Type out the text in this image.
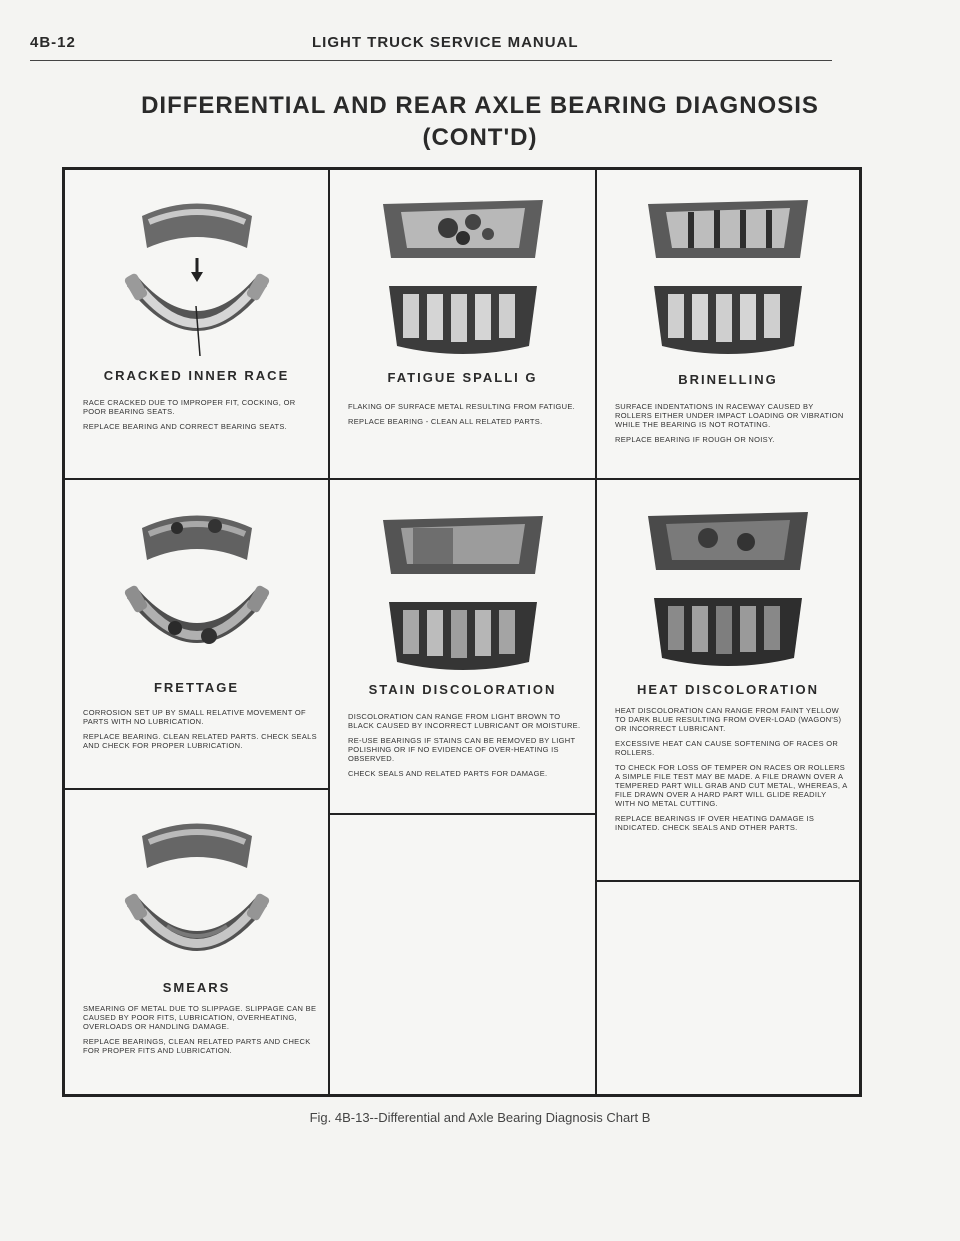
4B-12	LIGHT TRUCK SERVICE MANUAL
DIFFERENTIAL AND REAR AXLE BEARING DIAGNOSIS
(CONT'D)
CRACKED INNER RACE

RACE CRACKED DUE TO IMPROPER FIT, COCKING, OR POOR BEARING SEATS.

REPLACE BEARING AND CORRECT BEARING SEATS.

FATIGUE SPALLI G

FLAKING OF SURFACE METAL RESULTING FROM FATIGUE.

REPLACE BEARING - CLEAN ALL RELATED PARTS.

BRINELLING

SURFACE INDENTATIONS IN RACEWAY CAUSED BY ROLLERS EITHER UNDER IMPACT LOADING OR VIBRATION WHILE THE BEARING IS NOT ROTATING.

REPLACE BEARING IF ROUGH OR NOISY.

FRETTAGE

CORROSION SET UP BY SMALL RELATIVE MOVEMENT OF PARTS WITH NO LUBRICATION.

REPLACE BEARING. CLEAN RELATED PARTS. CHECK SEALS AND CHECK FOR PROPER LUBRICATION.

STAIN DISCOLORATION

DISCOLORATION CAN RANGE FROM LIGHT BROWN TO BLACK CAUSED BY INCORRECT LUBRICANT OR MOISTURE.

RE-USE BEARINGS IF STAINS CAN BE REMOVED BY LIGHT POLISHING OR IF NO EVIDENCE OF OVER-HEATING IS OBSERVED.

CHECK SEALS AND RELATED PARTS FOR DAMAGE.

HEAT DISCOLORATION

HEAT DISCOLORATION CAN RANGE FROM FAINT YELLOW TO DARK BLUE RESULTING FROM OVER-LOAD (WAGON'S) OR INCORRECT LUBRICANT.

EXCESSIVE HEAT CAN CAUSE SOFTENING OF RACES OR ROLLERS.

TO CHECK FOR LOSS OF TEMPER ON RACES OR ROLLERS A SIMPLE FILE TEST MAY BE MADE. A FILE DRAWN OVER A TEMPERED PART WILL GRAB AND CUT METAL, WHEREAS, A FILE DRAWN OVER A HARD PART WILL GLIDE READILY WITH NO METAL CUTTING.

REPLACE BEARINGS IF OVER HEATING DAMAGE IS INDICATED. CHECK SEALS AND OTHER PARTS.

SMEARS

SMEARING OF METAL DUE TO SLIPPAGE. SLIPPAGE CAN BE CAUSED BY POOR FITS, LUBRICATION, OVERHEATING, OVERLOADS OR HANDLING DAMAGE.

REPLACE BEARINGS, CLEAN RELATED PARTS AND CHECK FOR PROPER FITS AND LUBRICATION.

Fig. 4B-13--Differential and Axle Bearing Diagnosis Chart B
